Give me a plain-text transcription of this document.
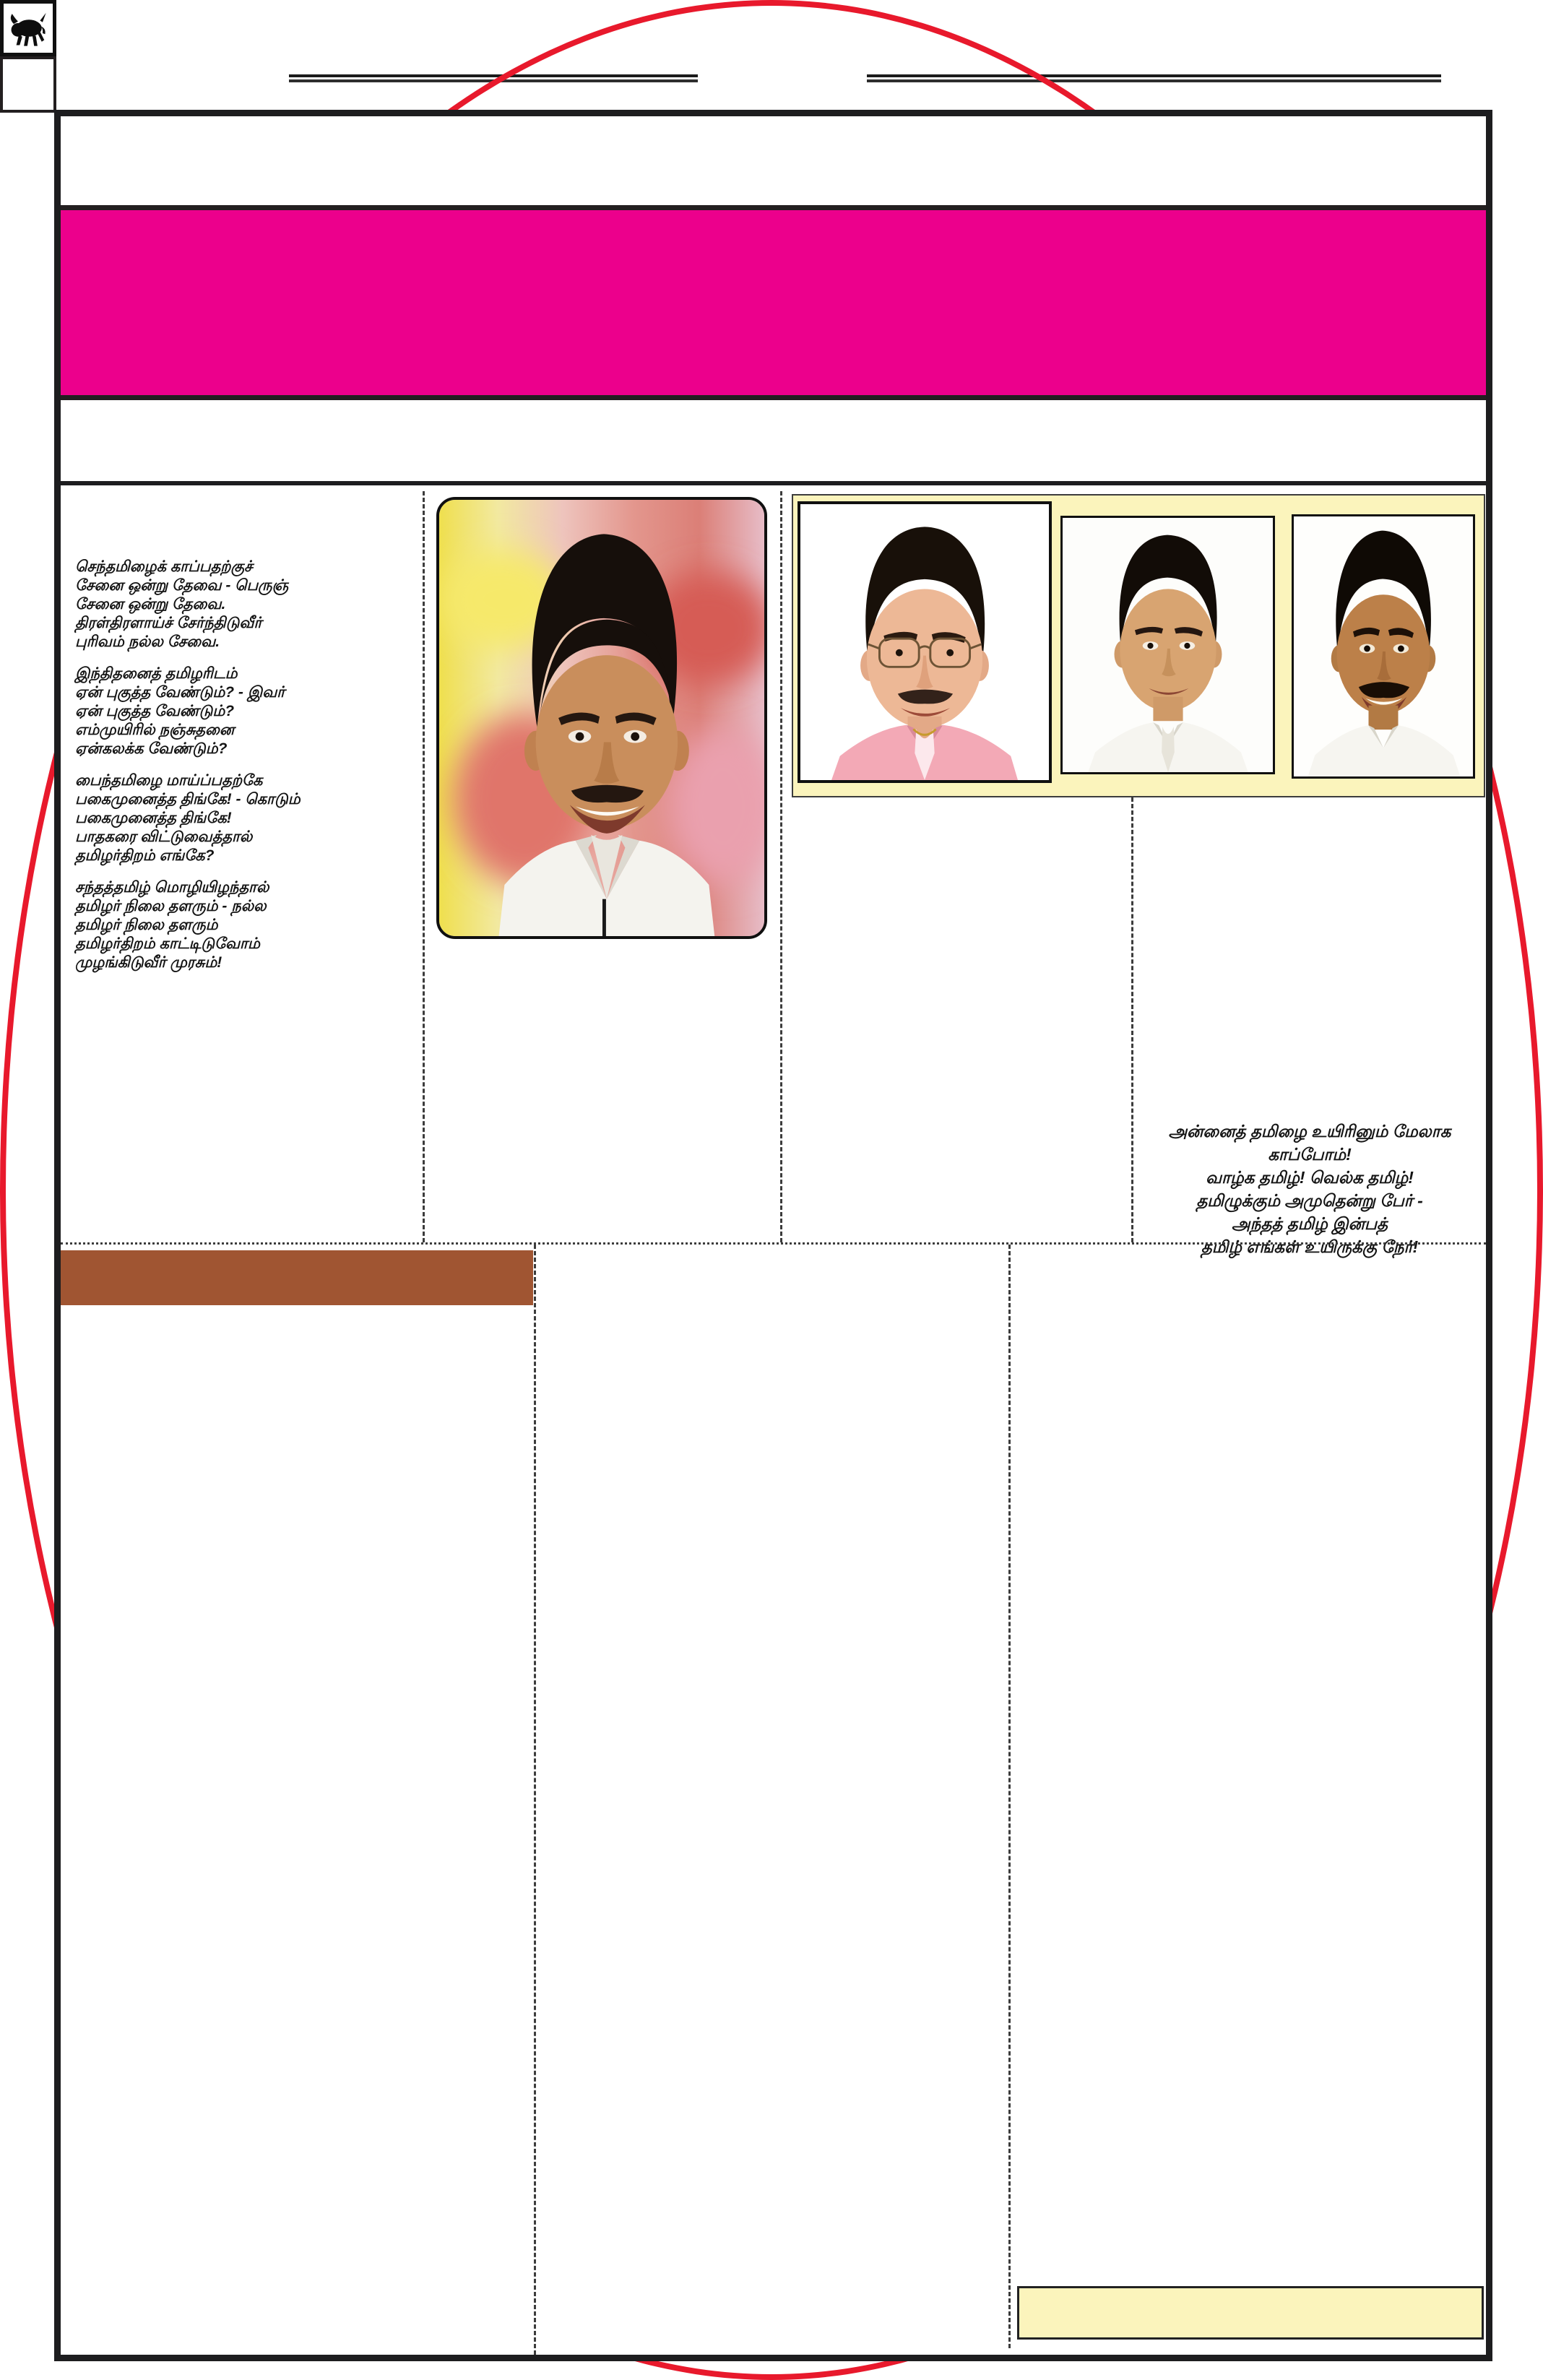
செந்தமிழைக் காப்பதற்குச்
சேனை ஒன்று தேவை - பெருஞ்
சேனை ஒன்று தேவை.
திரள்திரளாய்ச் சேர்ந்திடுவீர்
புரிவம் நல்ல சேவை.
இந்திதனைத் தமிழரிடம்
ஏன் புகுத்த வேண்டும்? - இவர்
ஏன் புகுத்த வேண்டும்?
எம்முயிரில் நஞ்சுதனை
ஏன்கலக்க வேண்டும்?
பைந்தமிழை மாய்ப்பதற்கே
பகைமுனைத்த திங்கே! - கொடும்
பகைமுனைத்த திங்கே!
பாதகரை விட்டுவைத்தால்
தமிழர்திறம் எங்கே?
சந்தத்தமிழ் மொழியிழந்தால்
தமிழர் நிலை தளரும் - நல்ல
தமிழர் நிலை தளரும்
தமிழர்திறம் காட்டிடுவோம்
முழங்கிடுவீர் முரசும்!
அன்னைத் தமிழை உயிரினும் மேலாக காப்போம்!
வாழ்க தமிழ்! வெல்க தமிழ்!
தமிழுக்கும் அமுதென்று பேர் -
அந்தத் தமிழ் இன்பத்
தமிழ் எங்கள் உயிருக்கு நேர்!
